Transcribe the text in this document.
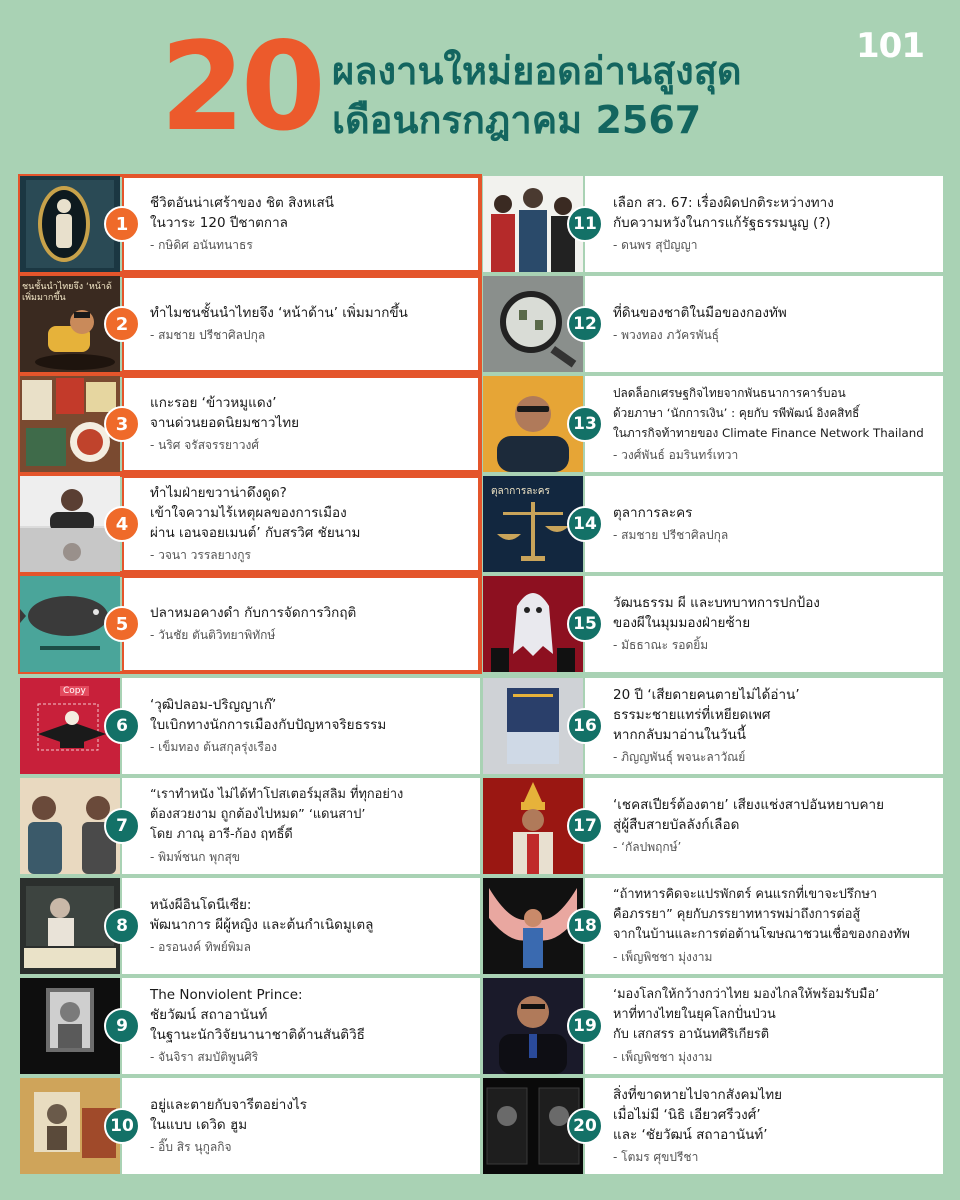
20 ผลงานใหม่ยอดอ่านสูงสุด
เดือนกรกฎาคม 2567
101
1
ชีวิตอันน่าเศร้าของ ชิต สิงหเสนี
ในวาระ 120 ปีชาตกาล
- กษิดิศ อนันทนาธร
ชนชั้นนำไทยจึง ‘หน้าด้ เพิ่มมากขึ้น
2
ทำไมชนชั้นนำไทยจึง ‘หน้าด้าน’ เพิ่มมากขึ้น
- สมชาย ปรีชาศิลปกุล
3
แกะรอย ‘ข้าวหมูแดง’
จานด่วนยอดนิยมชาวไทย
- นริศ จรัสจรรยาวงศ์
4
ทำไมฝ่ายขวาน่าดึงดูด?
เข้าใจความไร้เหตุผลของการเมือง
ผ่าน เอนจอยเมนต์’ กับสรวิศ ชัยนาม
- วจนา วรรลยางกูร
5
ปลาหมอคางดำ กับการจัดการวิกฤติ
- วันชัย ตันติวิทยาพิทักษ์
Copy
6
‘วุฒิปลอม-ปริญญาเก๊’
ใบเบิกทางนักการเมืองกับปัญหาจริยธรรม
- เข็มทอง ต้นสกุลรุ่งเรือง
7
“เราทำหนัง ไม่ได้ทำโปสเตอร์มุสลิม ที่ทุกอย่าง
ต้องสวยงาม ถูกต้องไปหมด” ‘แดนสาป’
โดย ภาณุ อารี-ก้อง ฤทธิ์ดี
- พิมพ์ชนก พุกสุข
8
หนังผีอินโดนีเซีย:
พัฒนาการ ผีผู้หญิง และต้นกำเนิดมูเตลู
- อรอนงค์ ทิพย์พิมล
9
The Nonviolent Prince:
ชัยวัฒน์ สถาอานันท์
ในฐานะนักวิจัยนานาชาติด้านสันติวิธี
- จันจิรา สมบัติพูนศิริ
10
อยู่และตายกับจารีตอย่างไร
ในแบบ เดวิด ฮูม
- อิ๊บ สิร นุกูลกิจ
11
เลือก สว. 67: เรื่องผิดปกติระหว่างทาง
กับความหวังในการแก้รัฐธรรมนูญ (?)
- ดนพร สุปัญญา
12
ที่ดินของชาติในมือของกองทัพ
- พวงทอง ภวัครพันธุ์
13
ปลดล็อกเศรษฐกิจไทยจากพันธนาการคาร์บอน
ด้วยภาษา ‘นักการเงิน’ : คุยกับ รพีพัฒน์ อิงคสิทธิ์
ในภารกิจท้าทายของ Climate Finance Network Thailand
- วงศ์พันธ์ อมรินทร์เทวา
ตุลาการละคร
14
ตุลาการละคร
- สมชาย ปรีชาศิลปกุล
15
วัฒนธรรม ผี และบทบาทการปกป้อง
ของผีในมุมมองฝ่ายซ้าย
- มัธธาณะ รอดยิ้ม
16
20 ปี ‘เสียดายคนตายไม่ได้อ่าน’
ธรรมะชายแทร่ที่เหยียดเพศ
หากกลับมาอ่านในวันนี้
- ภิญญพันธุ์ พจนะลาวัณย์
17
‘เชคสเปียร์ต้องตาย’ เสียงแช่งสาปอันหยาบคาย
สู่ผู้สืบสายบัลลังก์เลือด
- ‘กัลปพฤกษ์’
18
“ถ้าทหารคิดจะแปรพักตร์ คนแรกที่เขาจะปรึกษา
คือภรรยา” คุยกับภรรยาทหารพม่าถึงการต่อสู้
จากในบ้านและการต่อต้านโฆษณาชวนเชื่อของกองทัพ
- เพ็ญพิชชา มุ่งงาม
19
‘มองโลกให้กว้างกว่าไทย มองไกลให้พร้อมรับมือ’
หาที่ทางไทยในยุคโลกปั่นป่วน
กับ เสกสรร อานันทศิริเกียรติ
- เพ็ญพิชชา มุ่งงาม
20
สิ่งที่ขาดหายไปจากสังคมไทย
เมื่อไม่มี ‘นิธิ เอียวศรีวงศ์’
และ ‘ชัยวัฒน์ สถาอานันท์’
- โตมร ศุขปรีชา
